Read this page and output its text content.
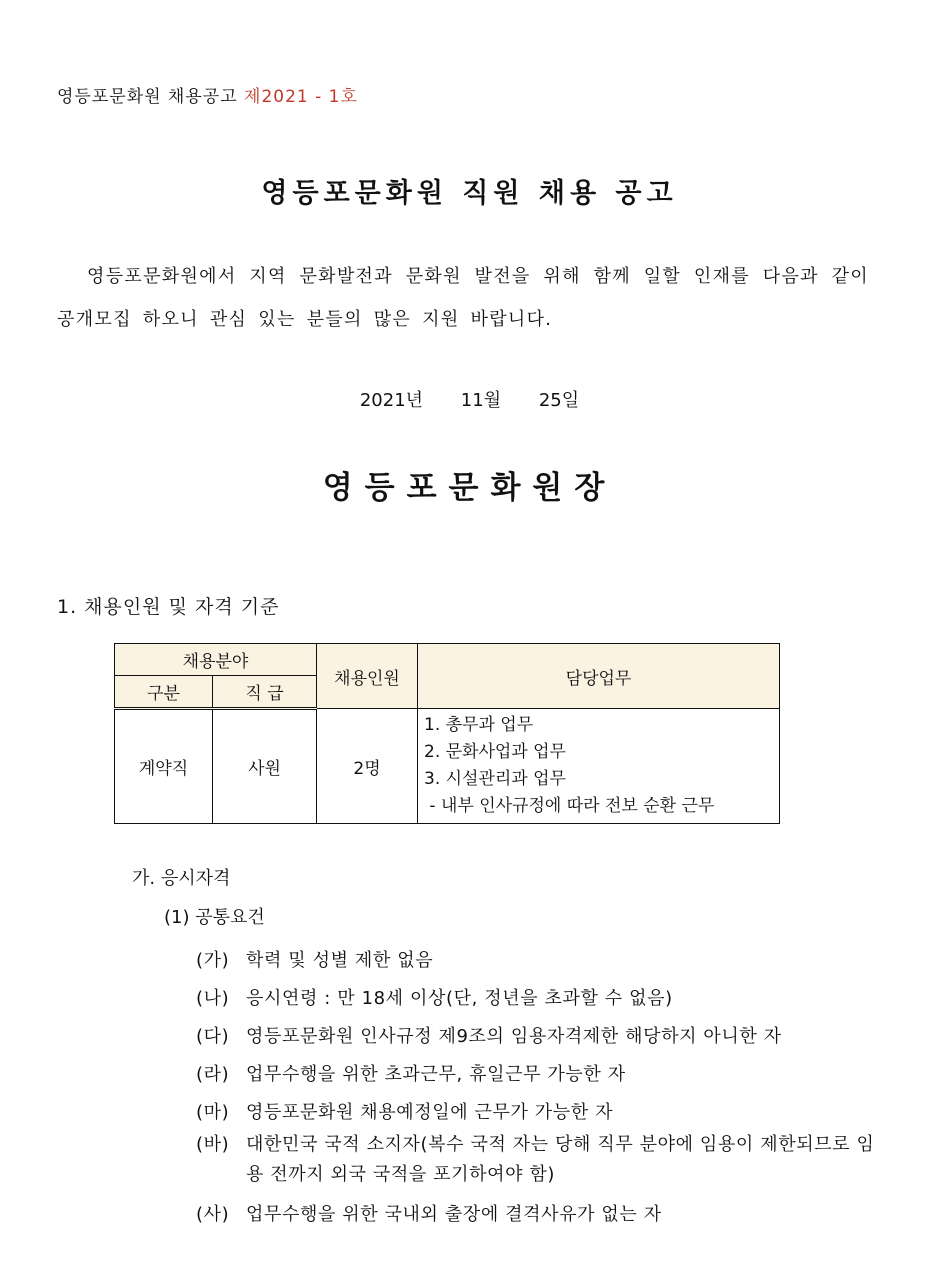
영등포문화원 채용공고 제2021 - 1호
영등포문화원 직원 채용 공고
영등포문화원에서 지역 문화발전과 문화원 발전을 위해 함께 일할 인재를 다음과 같이 공개모집 하오니 관심 있는 분들의 많은 지원 바랍니다.
2021년 11월 25일
영등포문화원장
1. 채용인원 및 자격 기준
채용분야		채용인원	담당업무
구분	직 급		
계약직	사원	2명	1. 총무과 업무
2. 문화사업과 업무
3. 시설관리과 업무
- 내부 인사규정에 따라 전보 순환 근무
가. 응시자격
(1) 공통요건
(가) 학력 및 성별 제한 없음
(나) 응시연령 : 만 18세 이상(단, 정년을 초과할 수 없음)
(다) 영등포문화원 인사규정 제9조의 임용자격제한 해당하지 아니한 자
(라) 업무수행을 위한 초과근무, 휴일근무 가능한 자
(마) 영등포문화원 채용예정일에 근무가 가능한 자
(바) 대한민국 국적 소지자(복수 국적 자는 당해 직무 분야에 임용이 제한되므로 임용 전까지 외국 국적을 포기하여야 함)
(사) 업무수행을 위한 국내외 출장에 결격사유가 없는 자
